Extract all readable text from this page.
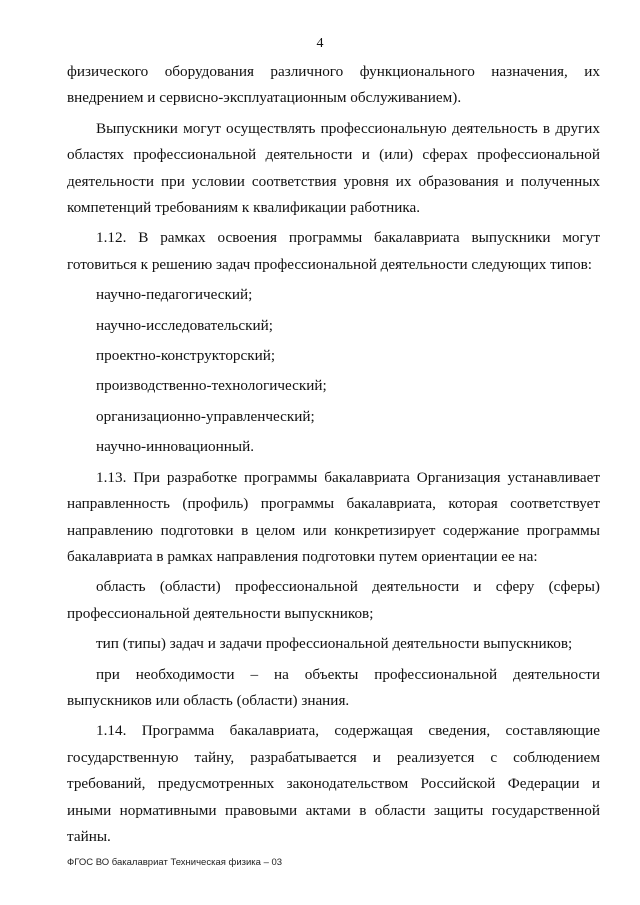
4

физического оборудования различного функционального назначения, их внедрением и сервисно-эксплуатационным обслуживанием).

Выпускники могут осуществлять профессиональную деятельность в других областях профессиональной деятельности и (или) сферах профессиональной деятельности при условии соответствия уровня их образования и полученных компетенций требованиям к квалификации работника.

1.12. В рамках освоения программы бакалавриата выпускники могут готовиться к решению задач профессиональной деятельности следующих типов:

научно-педагогический;

научно-исследовательский;

проектно-конструкторский;

производственно-технологический;

организационно-управленческий;

научно-инновационный.

1.13. При разработке программы бакалавриата Организация устанавливает направленность (профиль) программы бакалавриата, которая соответствует направлению подготовки в целом или конкретизирует содержание программы бакалавриата в рамках направления подготовки путем ориентации ее на:

область (области) профессиональной деятельности и сферу (сферы) профессиональной деятельности выпускников;

тип (типы) задач и задачи профессиональной деятельности выпускников;

при необходимости – на объекты профессиональной деятельности выпускников или область (области) знания.

1.14. Программа бакалавриата, содержащая сведения, составляющие государственную тайну, разрабатывается и реализуется с соблюдением требований, предусмотренных законодательством Российской Федерации и иными нормативными правовыми актами в области защиты государственной тайны.

ФГОС ВО бакалавриат Техническая физика – 03
